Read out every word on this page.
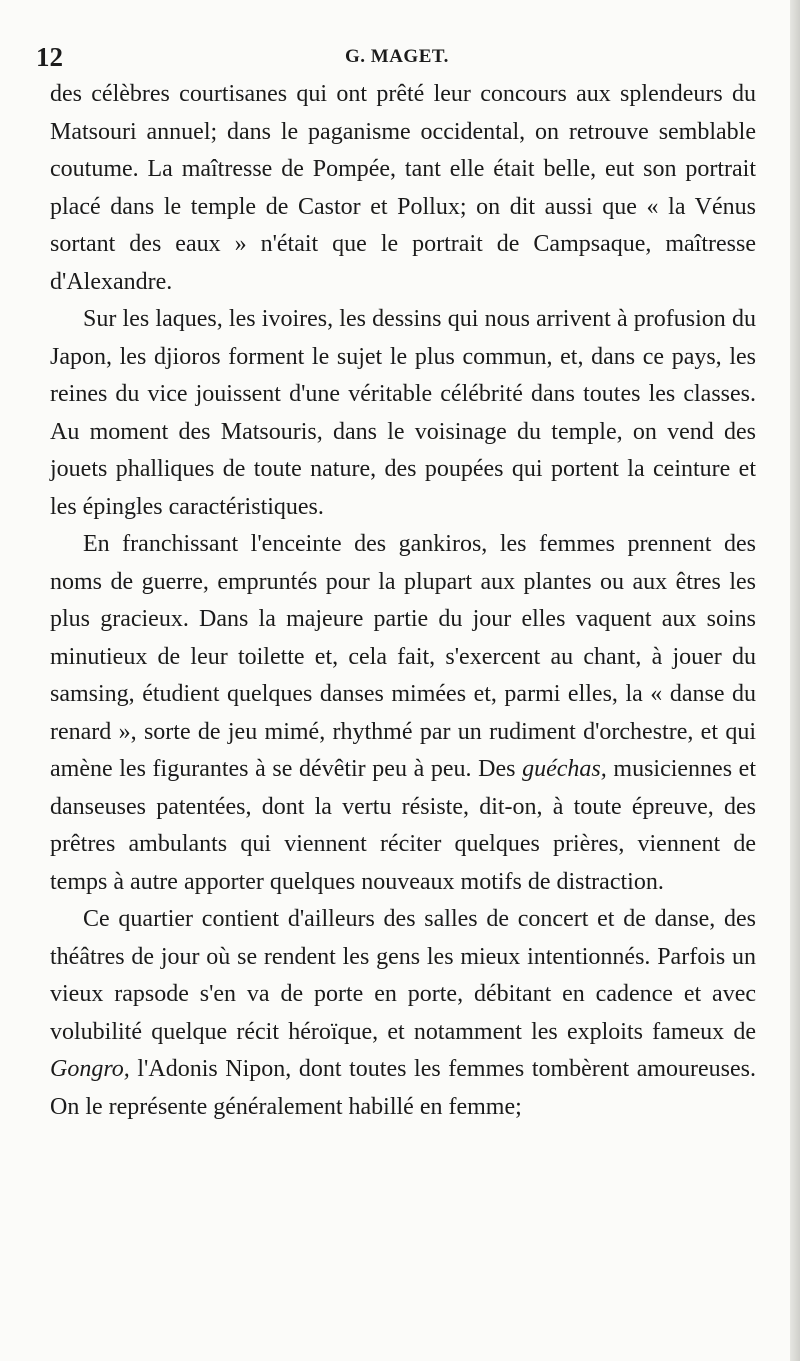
12	G. MAGET.

des célèbres courtisanes qui ont prêté leur concours aux splendeurs du Matsouri annuel; dans le paganisme occidental, on retrouve semblable coutume. La maîtresse de Pompée, tant elle était belle, eut son portrait placé dans le temple de Castor et Pollux; on dit aussi que « la Vénus sortant des eaux » n'était que le portrait de Campsaque, maîtresse d'Alexandre.

Sur les laques, les ivoires, les dessins qui nous arrivent à profusion du Japon, les djioros forment le sujet le plus commun, et, dans ce pays, les reines du vice jouissent d'une véritable célébrité dans toutes les classes. Au moment des Matsouris, dans le voisinage du temple, on vend des jouets phalliques de toute nature, des poupées qui portent la ceinture et les épingles caractéristiques.

En franchissant l'enceinte des gankiros, les femmes prennent des noms de guerre, empruntés pour la plupart aux plantes ou aux êtres les plus gracieux. Dans la majeure partie du jour elles vaquent aux soins minutieux de leur toilette et, cela fait, s'exercent au chant, à jouer du samsing, étudient quelques danses mimées et, parmi elles, la « danse du renard », sorte de jeu mimé, rhythmé par un rudiment d'orchestre, et qui amène les figurantes à se dévêtir peu à peu. Des guéchas, musiciennes et danseuses patentées, dont la vertu résiste, dit-on, à toute épreuve, des prêtres ambulants qui viennent réciter quelques prières, viennent de temps à autre apporter quelques nouveaux motifs de distraction.

Ce quartier contient d'ailleurs des salles de concert et de danse, des théâtres de jour où se rendent les gens les mieux intentionnés. Parfois un vieux rapsode s'en va de porte en porte, débitant en cadence et avec volubilité quelque récit héroïque, et notamment les exploits fameux de Gongro, l'Adonis Nipon, dont toutes les femmes tombèrent amoureuses. On le représente généralement habillé en femme;
